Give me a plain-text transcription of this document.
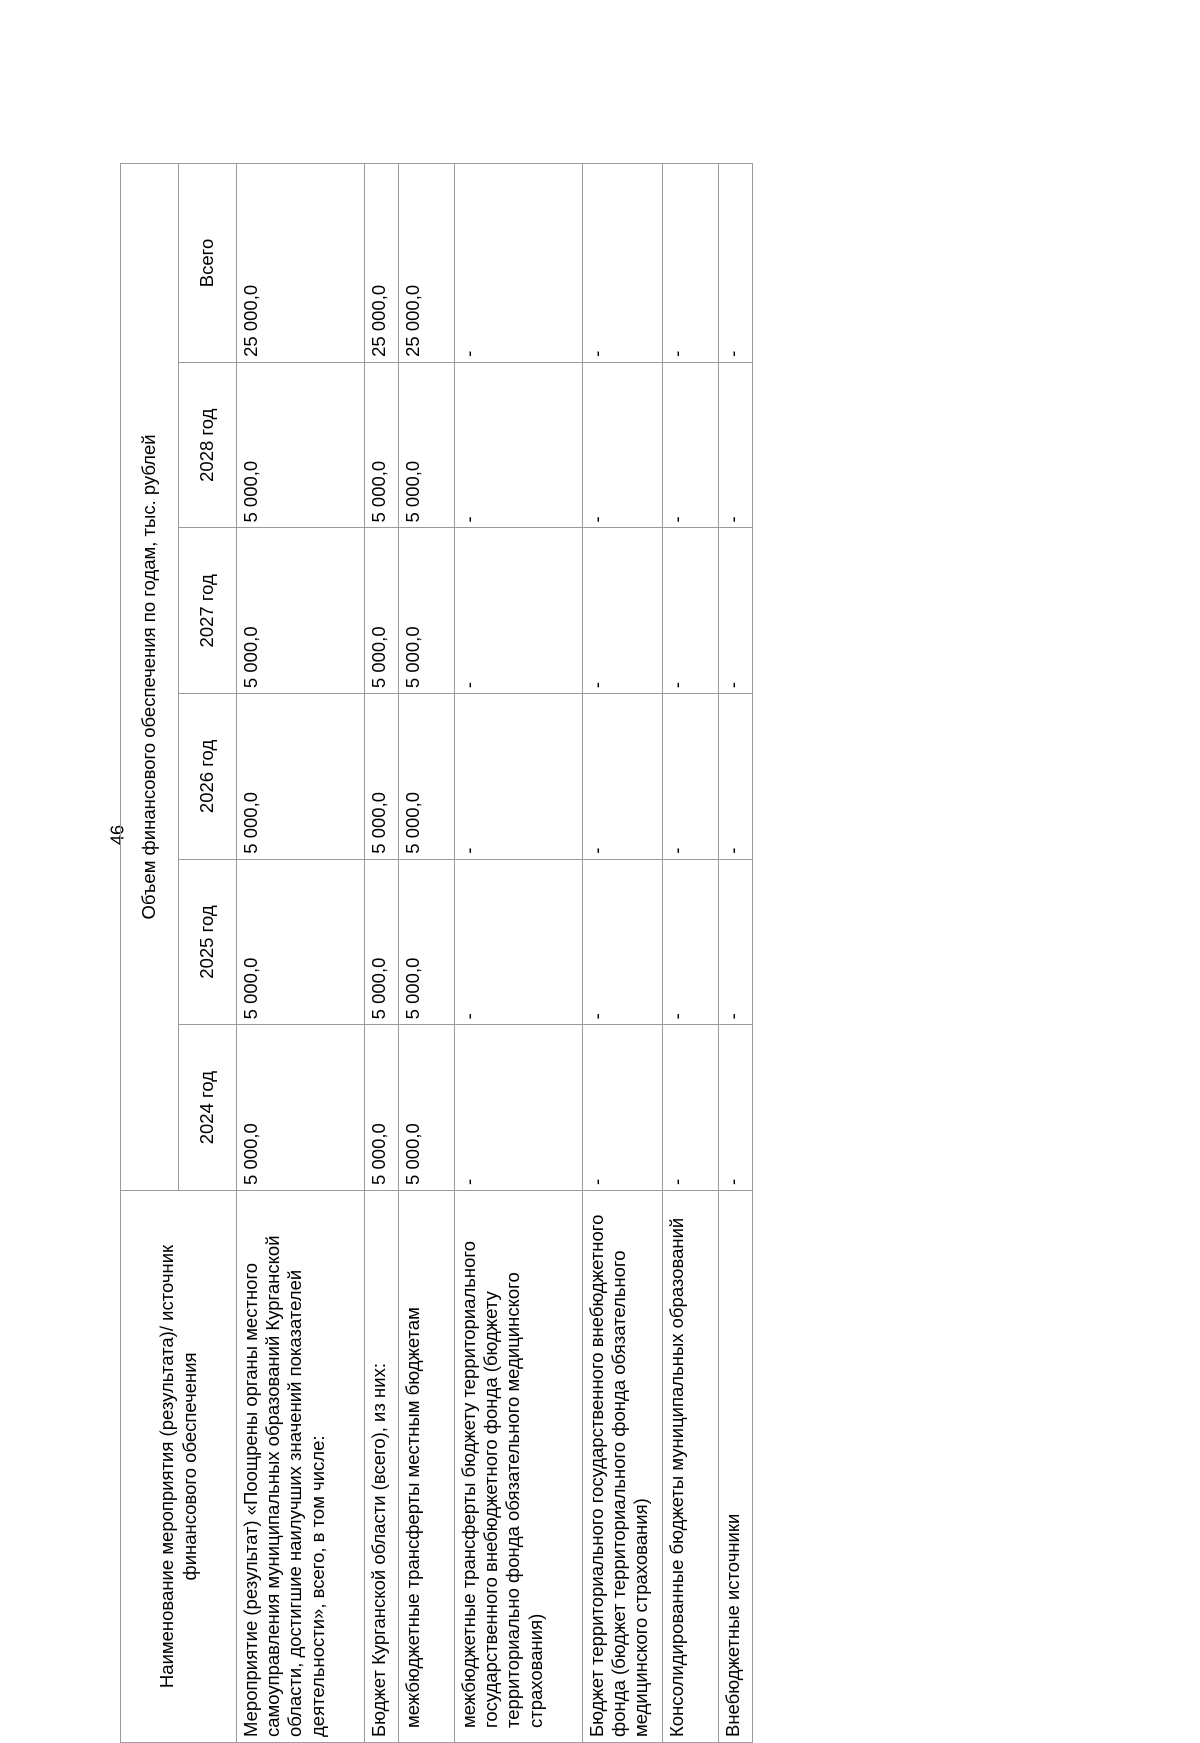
46
Наименование мероприятия (результата)/ источник финансового обеспечения	Объем финансового обеспечения по годам, тыс. рублей					
	2024 год	2025 год	2026 год	2027 год	2028 год	Всего
Мероприятие (результат) «Поощрены органы местного самоуправления муниципальных образований Курганской области, достигшие наилучших значений показателей деятельности», всего, в том числе:	5 000,0	5 000,0	5 000,0	5 000,0	5 000,0	25 000,0
Бюджет Курганской области (всего), из них:	5 000,0	5 000,0	5 000,0	5 000,0	5 000,0	25 000,0
межбюджетные трансферты местным бюджетам	5 000,0	5 000,0	5 000,0	5 000,0	5 000,0	25 000,0
межбюджетные трансферты бюджету территориального государственного внебюджетного фонда (бюджету территориально фонда обязательного медицинского страхования)	-	-	-	-	-	-
Бюджет территориального государственного внебюджетного фонда (бюджет территориального фонда обязательного медицинского страхования)	-	-	-	-	-	-
Консолидированные бюджеты муниципальных образований	-	-	-	-	-	-
Внебюджетные источники	-	-	-	-	-	-
